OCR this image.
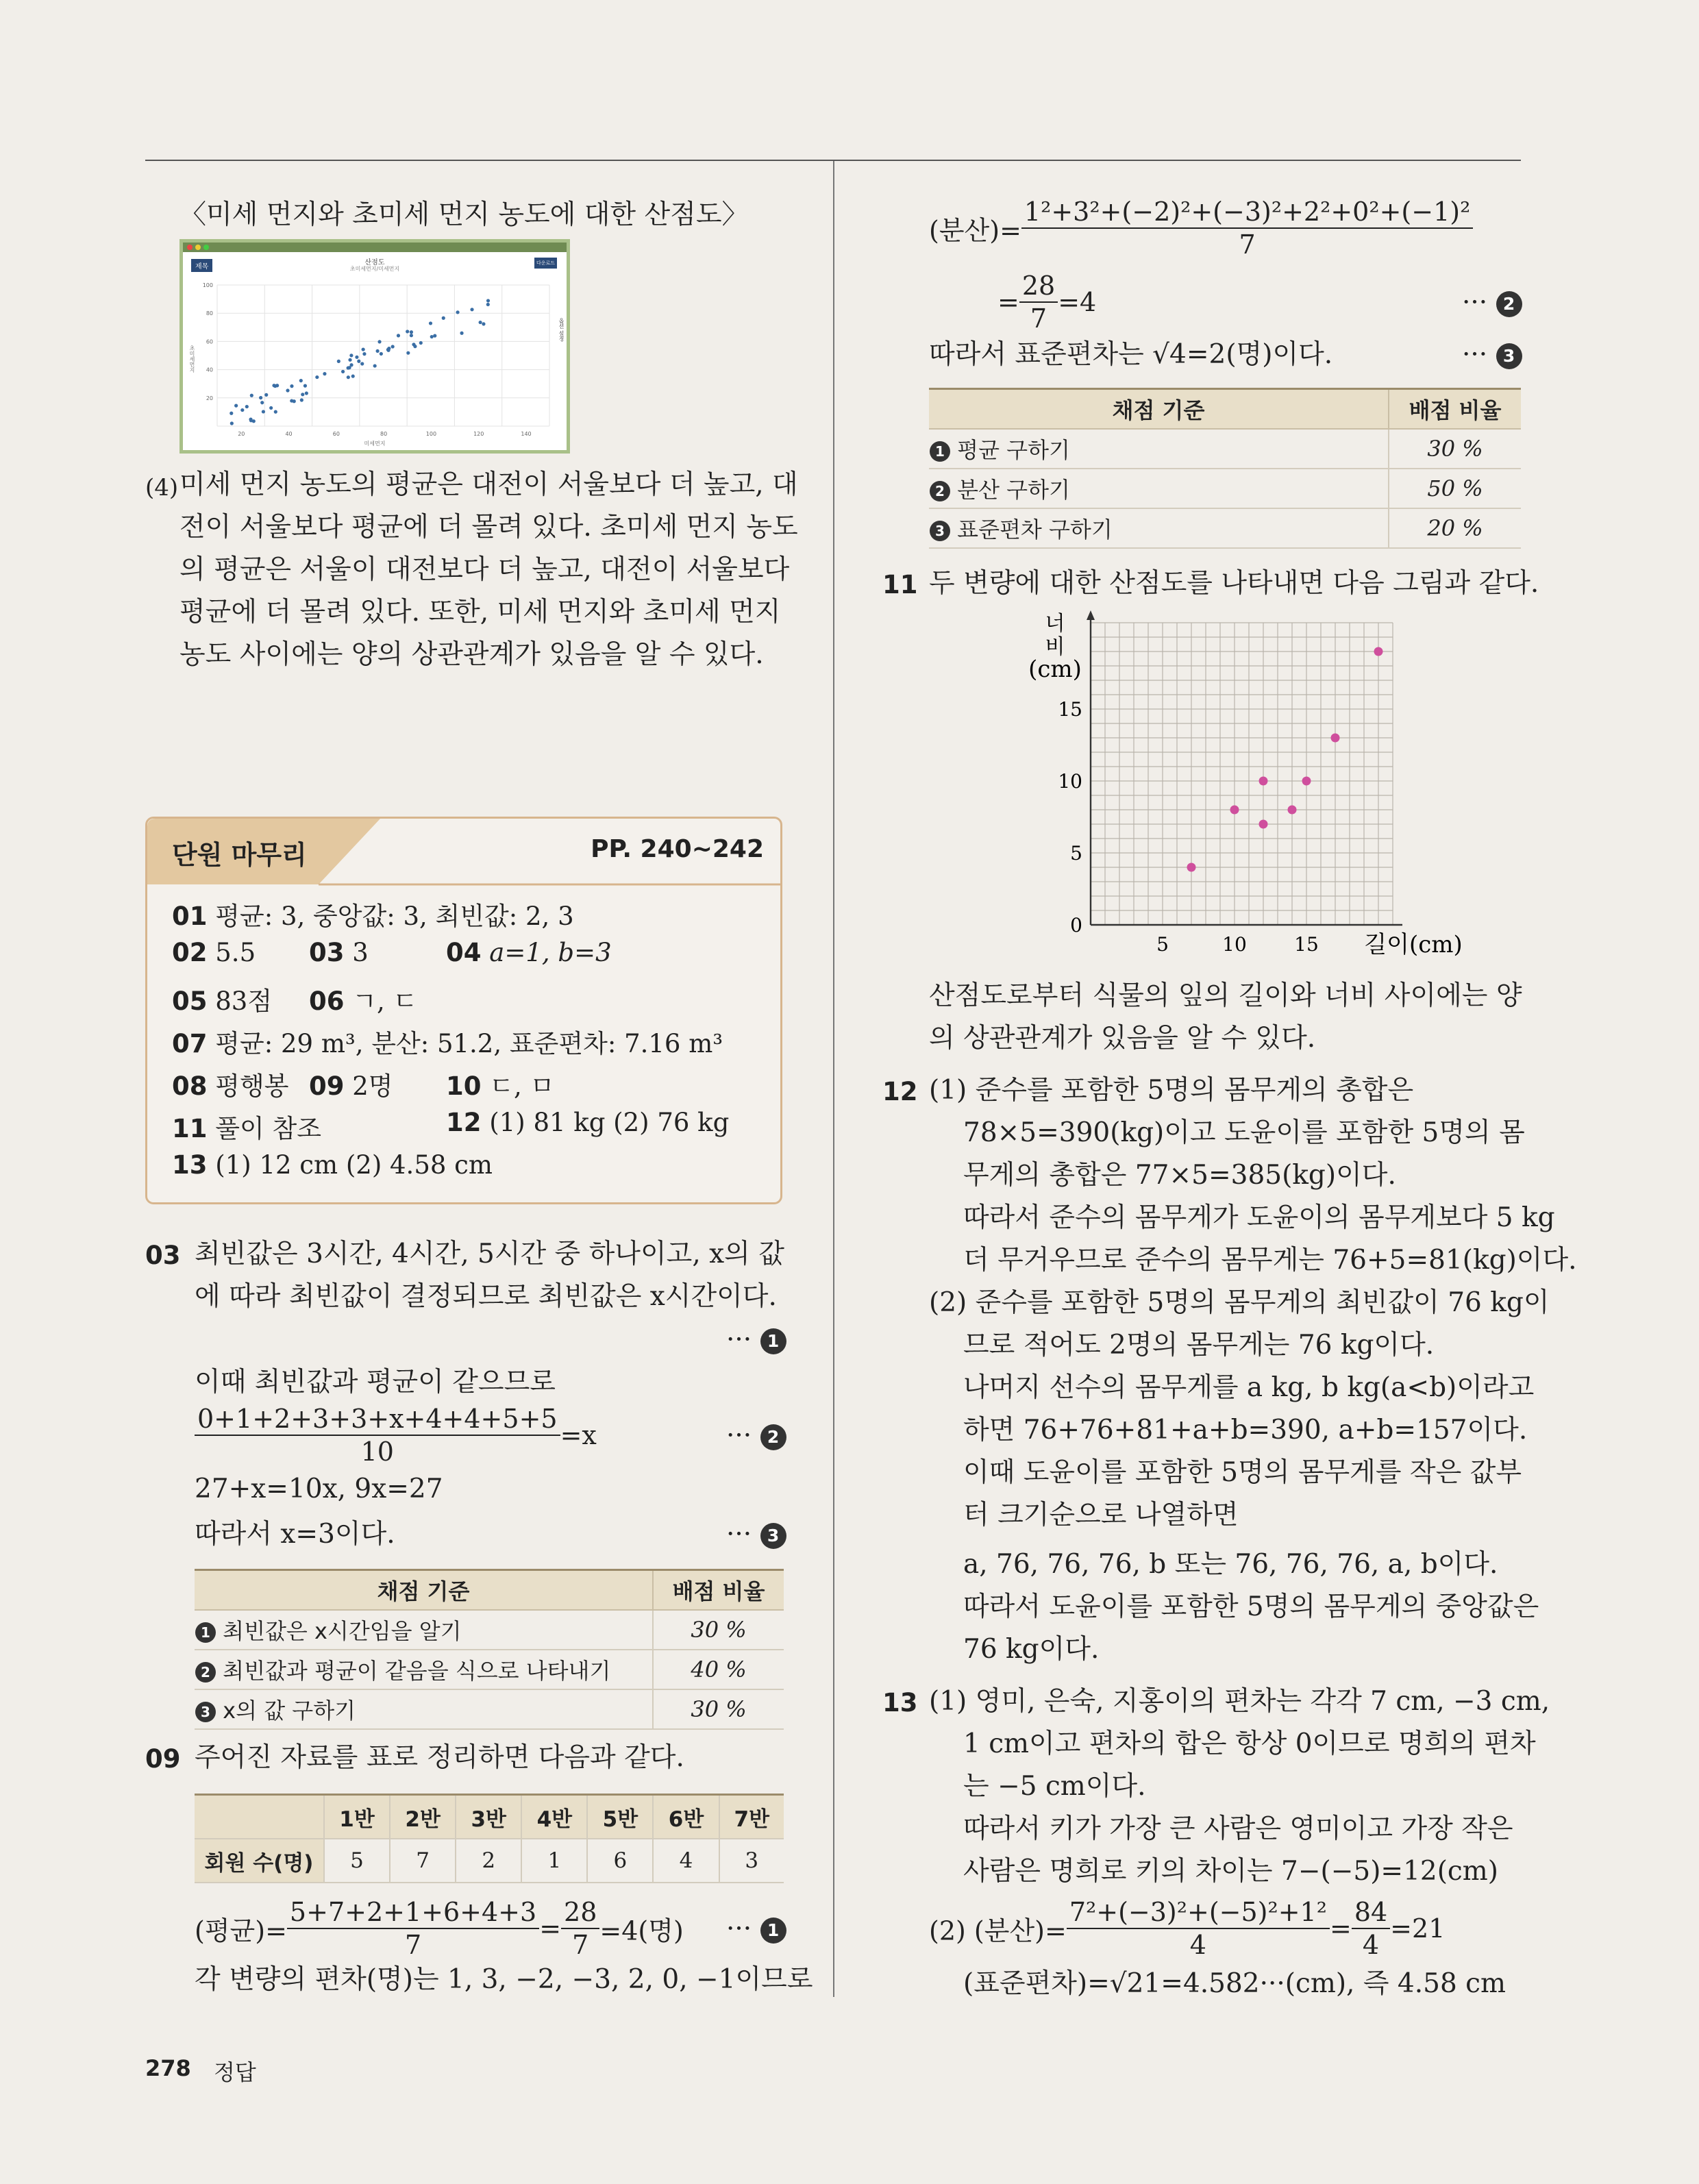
〈미세 먼지와 초미세 먼지 농도에 대한 산점도〉
제목
산점도
초미세먼지/미세먼지
다운로드
옵션 설정
초미세먼지
미세먼지
20	40	60	80	100	120	140
100
80
60
40
20
(4) 미세 먼지 농도의 평균은 대전이 서울보다 더 높고, 대
전이 서울보다 평균에 더 몰려 있다. 초미세 먼지 농도
의 평균은 서울이 대전보다 더 높고, 대전이 서울보다
평균에 더 몰려 있다. 또한, 미세 먼지와 초미세 먼지
농도 사이에는 양의 상관관계가 있음을 알 수 있다.
단원 마무리	PP. 240~242
01 평균: 3, 중앙값: 3, 최빈값: 2, 3
02 5.5 03 3	04 a=1, b=3
05 83점 06 ㄱ, ㄷ
07 평균: 29 m³, 분산: 51.2, 표준편차: 7.16 m³
08 평행봉 09 2명 10 ㄷ, ㅁ
11 풀이 참조	12 (1) 81 kg (2) 76 kg
13 (1) 12 cm (2) 4.58 cm
03 최빈값은 3시간, 4시간, 5시간 중 하나이고, x의 값
에 따라 최빈값이 결정되므로 최빈값은 x시간이다.
··· 1
이때 최빈값과 평균이 같으므로
$\frac{0+1+2+3+3+x+4+4+5+5}{10} =x$	··· 2
27+x=10x, 9x=27
따라서 x=3이다.	··· 3
채점 기준	배점 비율
1 최빈값은 x시간임을 알기	30 %
2 최빈값과 평균이 같음을 식으로 나타내기	40 %
3 x의 값 구하기	30 %
09 주어진 자료를 표로 정리하면 다음과 같다.
	1반	2반	3반	4반	5반	6반	7반
회원 수(명)	5	7	2	1	6	4	3
(평균)= $\frac{5+7+2+1+6+4+3}{7} = \frac{28}{7} =4$(명) ··· 1
각 변량의 편차(명)는 1, 3, −2, −3, 2, 0, −1이므로
(분산)= $\frac{\text{1²+3²+(−2)²+(−3)²+2²+0²+(−1)²}}{7}$
= $\frac{28}{7} =4$	··· 2
따라서 표준편차는 √4=2(명)이다.	··· 3
채점 기준	배점 비율
1 평균 구하기	30 %
2 분산 구하기	50 %
3 표준편차 구하기	20 %
11 두 변량에 대한 산점도를 나타내면 다음 그림과 같다.
5	10 15
0
5
10
15
길이(cm)
너
비
(cm)
산점도로부터 식물의 잎의 길이와 너비 사이에는 양
의 상관관계가 있음을 알 수 있다.
12 (1) 준수를 포함한 5명의 몸무게의 총합은
78×5=390(kg)이고 도윤이를 포함한 5명의 몸
무게의 총합은 77×5=385(kg)이다.
따라서 준수의 몸무게가 도윤이의 몸무게보다 5 kg
더 무거우므로 준수의 몸무게는 76+5=81(kg)이다.
(2) 준수를 포함한 5명의 몸무게의 최빈값이 76 kg이
므로 적어도 2명의 몸무게는 76 kg이다.
나머지 선수의 몸무게를 a kg, b kg(a<b)이라고
하면 76+76+81+a+b=390, a+b=157이다.
이때 도윤이를 포함한 5명의 몸무게를 작은 값부
터 크기순으로 나열하면
a, 76, 76, 76, b 또는 76, 76, 76, a, b이다.
따라서 도윤이를 포함한 5명의 몸무게의 중앙값은
76 kg이다.
13 (1) 영미, 은숙, 지홍이의 편차는 각각 7 cm, −3 cm,
1 cm이고 편차의 합은 항상 0이므로 명희의 편차
는 −5 cm이다.
따라서 키가 가장 큰 사람은 영미이고 가장 작은
사람은 명희로 키의 차이는 7−(−5)=12(cm)
(2) (분산)= $\frac{\text{7²+(−3)²+(−5)²+1²}}{4} = \frac{84}{4} =21$
(표준편차)=√21=4.582···(cm), 즉 4.58 cm
278 정답
